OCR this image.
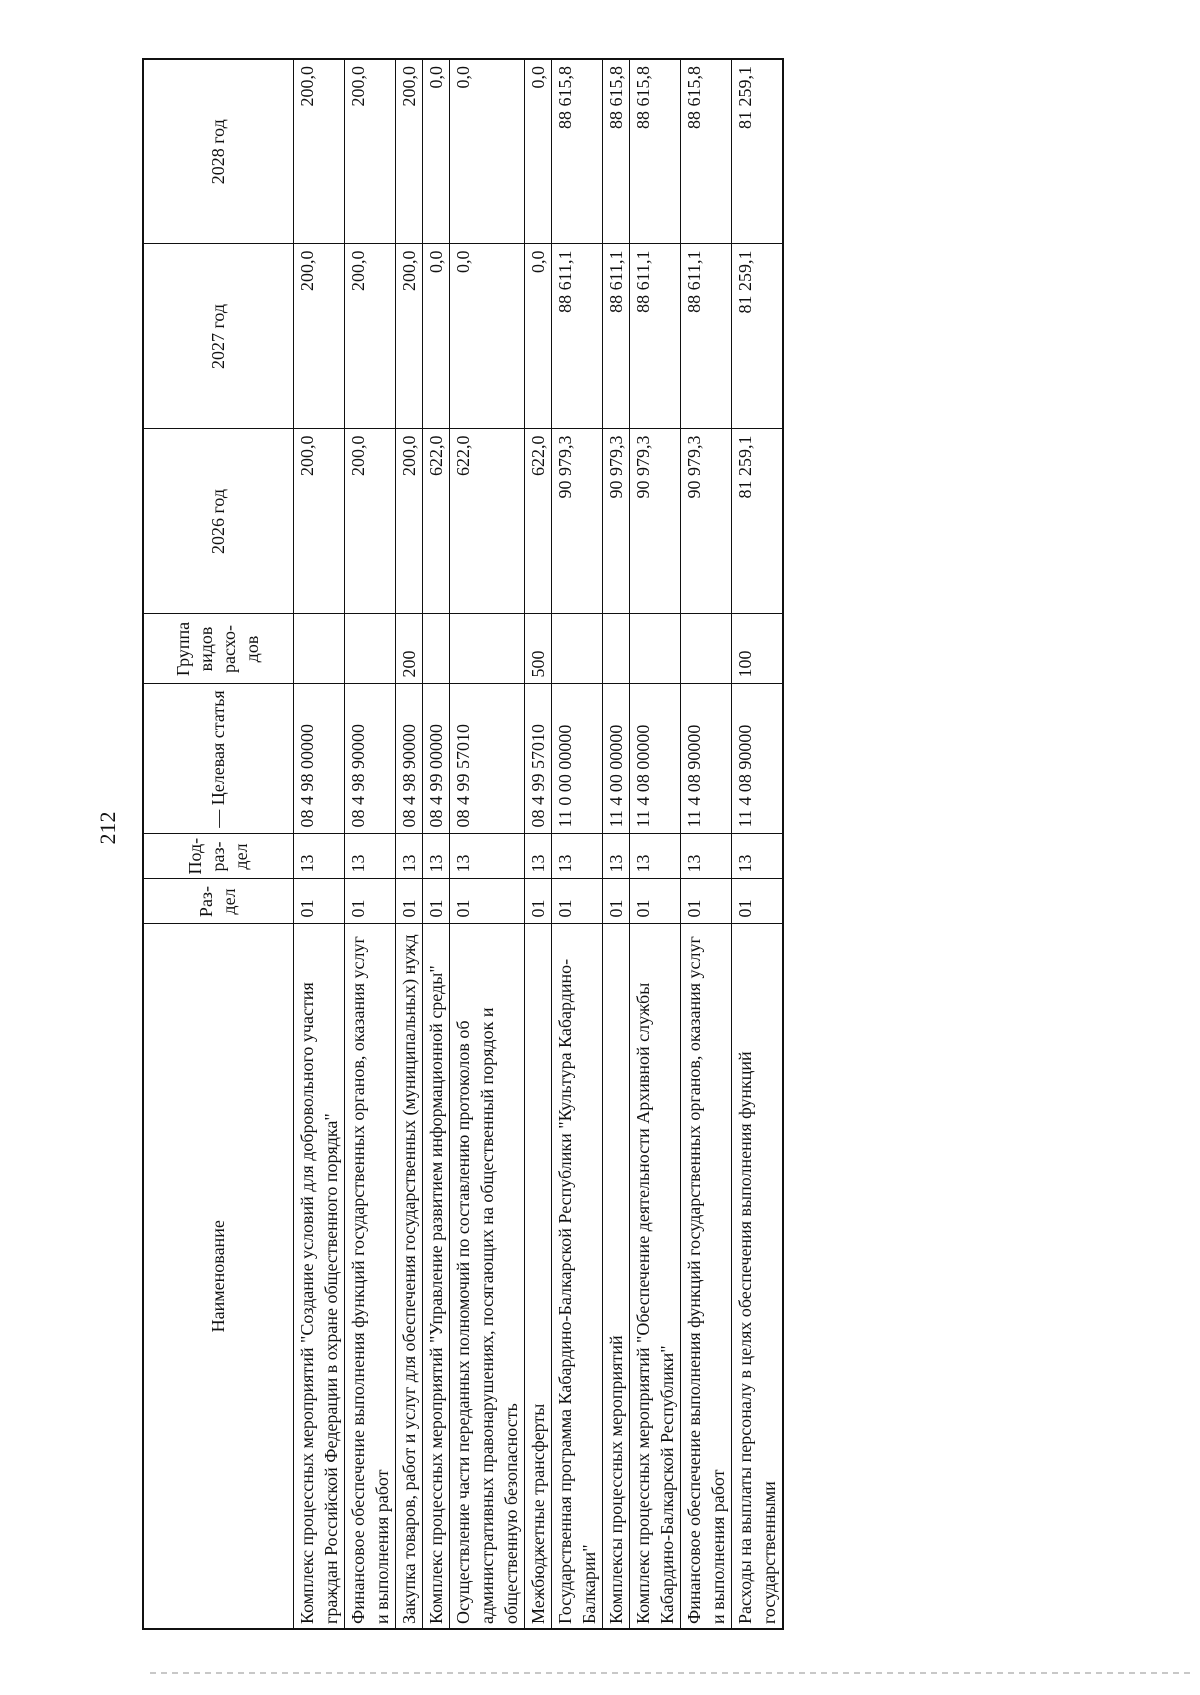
212
Наименование	Раз-дел	Под-раз-дел	— Целевая статья	Группа видов расхо-дов	2026 год	2027 год	2028 год
Комплекс процессных мероприятий "Создание условий для добровольного участия граждан Российской Федерации в охране общественного порядка"	01	13	08 4 98 00000		200,0	200,0	200,0
Финансовое обеспечение выполнения функций государственных органов, оказания услуг и выполнения работ	01	13	08 4 98 90000		200,0	200,0	200,0
Закупка товаров, работ и услуг для обеспечения государственных (муниципальных) нужд	01	13	08 4 98 90000	200	200,0	200,0	200,0
Комплекс процессных мероприятий "Управление развитием информационной среды"	01	13	08 4 99 00000		622,0	0,0	0,0
Осуществление части переданных полномочий по составлению протоколов об административных правонарушениях, посягающих на общественный порядок и общественную безопасность	01	13	08 4 99 57010		622,0	0,0	0,0
Межбюджетные трансферты	01	13	08 4 99 57010	500	622,0	0,0	0,0
Государственная программа Кабардино-Балкарской Республики "Культура Кабардино-Балкарии"	01	13	11 0 00 00000		90 979,3	88 611,1	88 615,8
Комплексы процессных мероприятий	01	13	11 4 00 00000		90 979,3	88 611,1	88 615,8
Комплекс процессных мероприятий "Обеспечение деятельности Архивной службы Кабардино-Балкарской Республики"	01	13	11 4 08 00000		90 979,3	88 611,1	88 615,8
Финансовое обеспечение выполнения функций государственных органов, оказания услуг и выполнения работ	01	13	11 4 08 90000		90 979,3	88 611,1	88 615,8
Расходы на выплаты персоналу в целях обеспечения выполнения функций государственными	01	13	11 4 08 90000	100	81 259,1	81 259,1	81 259,1
